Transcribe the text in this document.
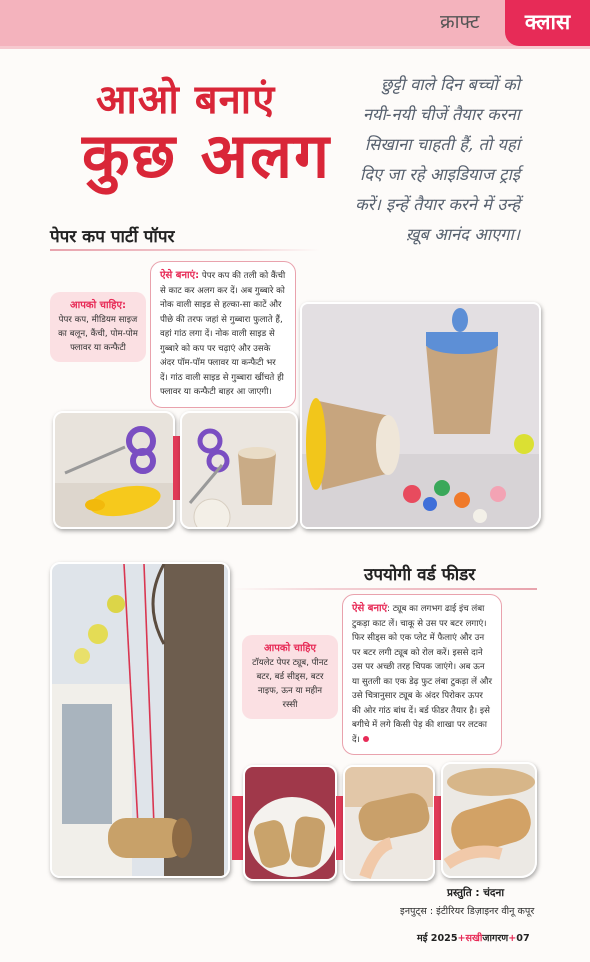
क्राफ्ट	क्लास
आओ बनाएं
कुछ अलग
छुट्टी वाले दिन बच्चों को नयी-नयी चीजें तैयार करना सिखाना चाहती हैं, तो यहां दिए जा रहे आइडियाज ट्राई करें। इन्हें तैयार करने में उन्हें ख़ूब आनंद आएगा।
पेपर कप पार्टी पॉपर
आपको चाहिए:
पेपर कप, मीडियम साइज का बलून, कैंची, पोम-पोम फ्लावर या कन्फैटी
ऐसे बनाएं: पेपर कप की तली को कैंची से काट कर अलग कर दें। अब गुब्बारे को नोक वाली साइड से हल्का-सा काटें और पीछे की तरफ जहां से गुब्बारा फुलाते हैं, वहां गांठ लगा दें। नोक वाली साइड से गुब्बारे को कप पर चढ़ाएं और उसके अंदर पॉम-पॉम फ्लावर या कन्फैटी भर दें। गांठ वाली साइड से गुब्बारा खींचते ही फ्लावर या कन्फैटी बाहर आ जाएगी।
उपयोगी वर्ड फीडर
आपको चाहिए
टॉयलेट पेपर ट्यूब, पीनट बटर, बर्ड सीड्स, बटर नाइफ, ऊन या महीन रस्सी
ऐसे बनाएं: ट्यूब का लगभग ढाई इंच लंबा टुकड़ा काट लें। चाकू से उस पर बटर लगाएं। फिर सीड्स को एक प्लेट में फैलाएं और उन पर बटर लगी ट्यूब को रोल करें। इससे दाने उस पर अच्छी तरह चिपक जाएंगे। अब ऊन या सुतली का एक डेढ़ फुट लंबा टुकड़ा लें और उसे चित्रानुसार ट्यूब के अंदर पिरोकर ऊपर की ओर गांठ बांध दें। बर्ड फीडर तैयार है। इसे बगीचे में लगे किसी पेड़ की शाखा पर लटका दें।
प्रस्तुति : चंदना
इनपुट्स : इंटीरियर डिज़ाइनर वीनू कपूर
मई 2025+सखीजागरण+07
